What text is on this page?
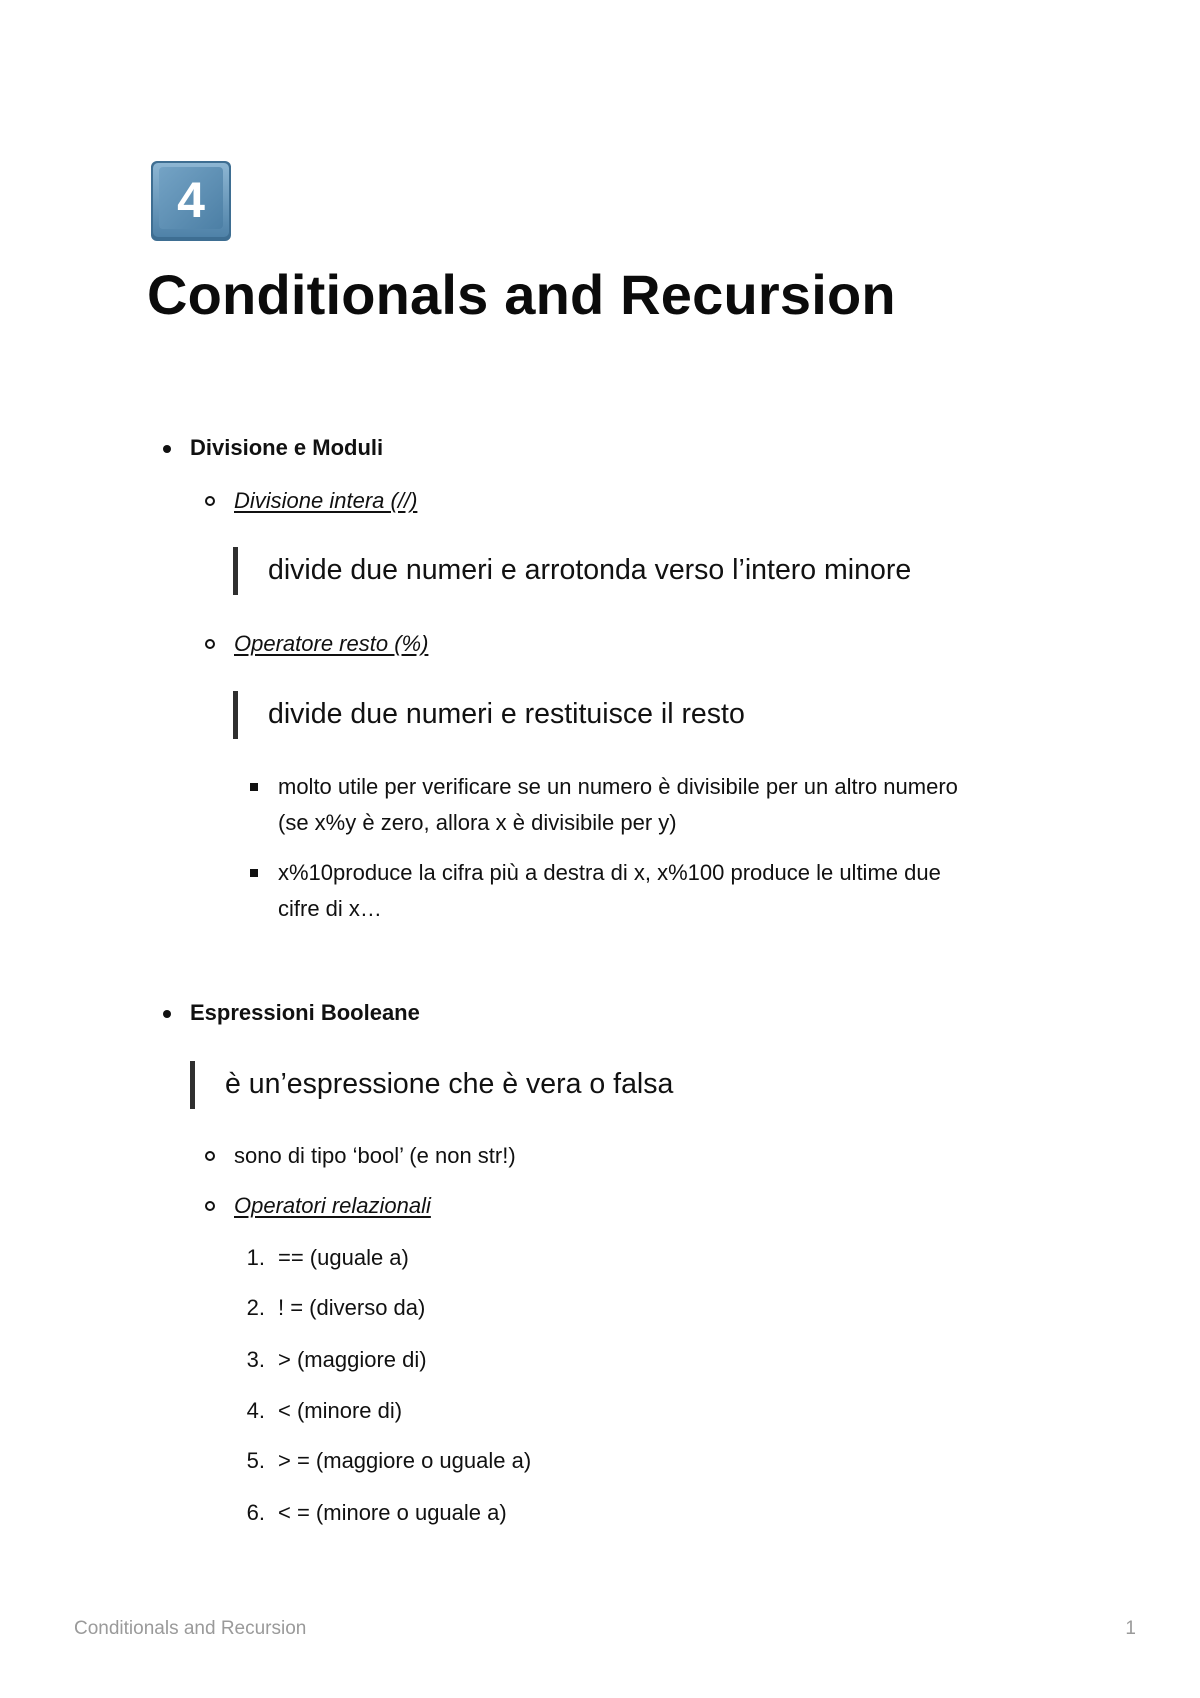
4
Conditionals and Recursion
Divisione e Moduli
Divisione intera (//)
divide due numeri e arrotonda verso l’intero minore
Operatore resto (%)
divide due numeri e restituisce il resto
molto utile per verificare se un numero è divisibile per un altro numero
(se x%y è zero, allora x è divisibile per y)
x%10produce la cifra più a destra di x, x%100 produce le ultime due
cifre di x…
Espressioni Booleane
è un’espressione che è vera o falsa
sono di tipo ‘bool’ (e non str!)
Operatori relazionali
1. == (uguale a)
2. ! = (diverso da)
3. > (maggiore di)
4. < (minore di)
5. > = (maggiore o uguale a)
6. < = (minore o uguale a)
Conditionals and Recursion	1
